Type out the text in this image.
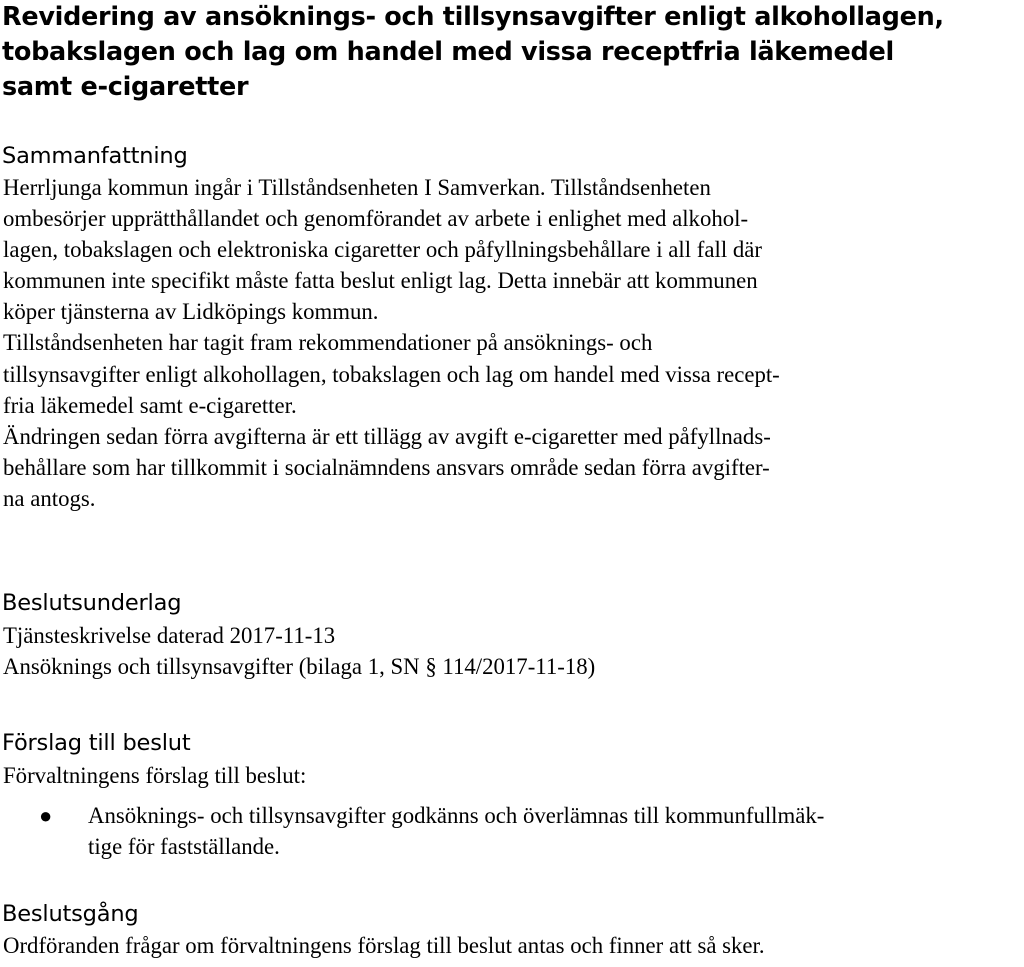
Revidering av ansöknings- och tillsynsavgifter enligt alkohollagen,
tobakslagen och lag om handel med vissa receptfria läkemedel
samt e-cigaretter
Sammanfattning

Herrljunga kommun ingår i Tillståndsenheten I Samverkan. Tillståndsenheten

ombesörjer upprätthållandet och genomförandet av arbete i enlighet med alkohol-

lagen, tobakslagen och elektroniska cigaretter och påfyllningsbehållare i all fall där

kommunen inte specifikt måste fatta beslut enligt lag. Detta innebär att kommunen

köper tjänsterna av Lidköpings kommun.

Tillståndsenheten har tagit fram rekommendationer på ansöknings- och

tillsynsavgifter enligt alkohollagen, tobakslagen och lag om handel med vissa recept-

fria läkemedel samt e-cigaretter.

Ändringen sedan förra avgifterna är ett tillägg av avgift e-cigaretter med påfyllnads-

behållare som har tillkommit i socialnämndens ansvars område sedan förra avgifter-

na antogs.

Beslutsunderlag

Tjänsteskrivelse daterad 2017-11-13

Ansöknings och tillsynsavgifter (bilaga 1, SN § 114/2017-11-18)

Förslag till beslut

Förvaltningens förslag till beslut:

● Ansöknings- och tillsynsavgifter godkänns och överlämnas till kommunfullmäk-
tige för fastställande.
Beslutsgång

Ordföranden frågar om förvaltningens förslag till beslut antas och finner att så sker.
